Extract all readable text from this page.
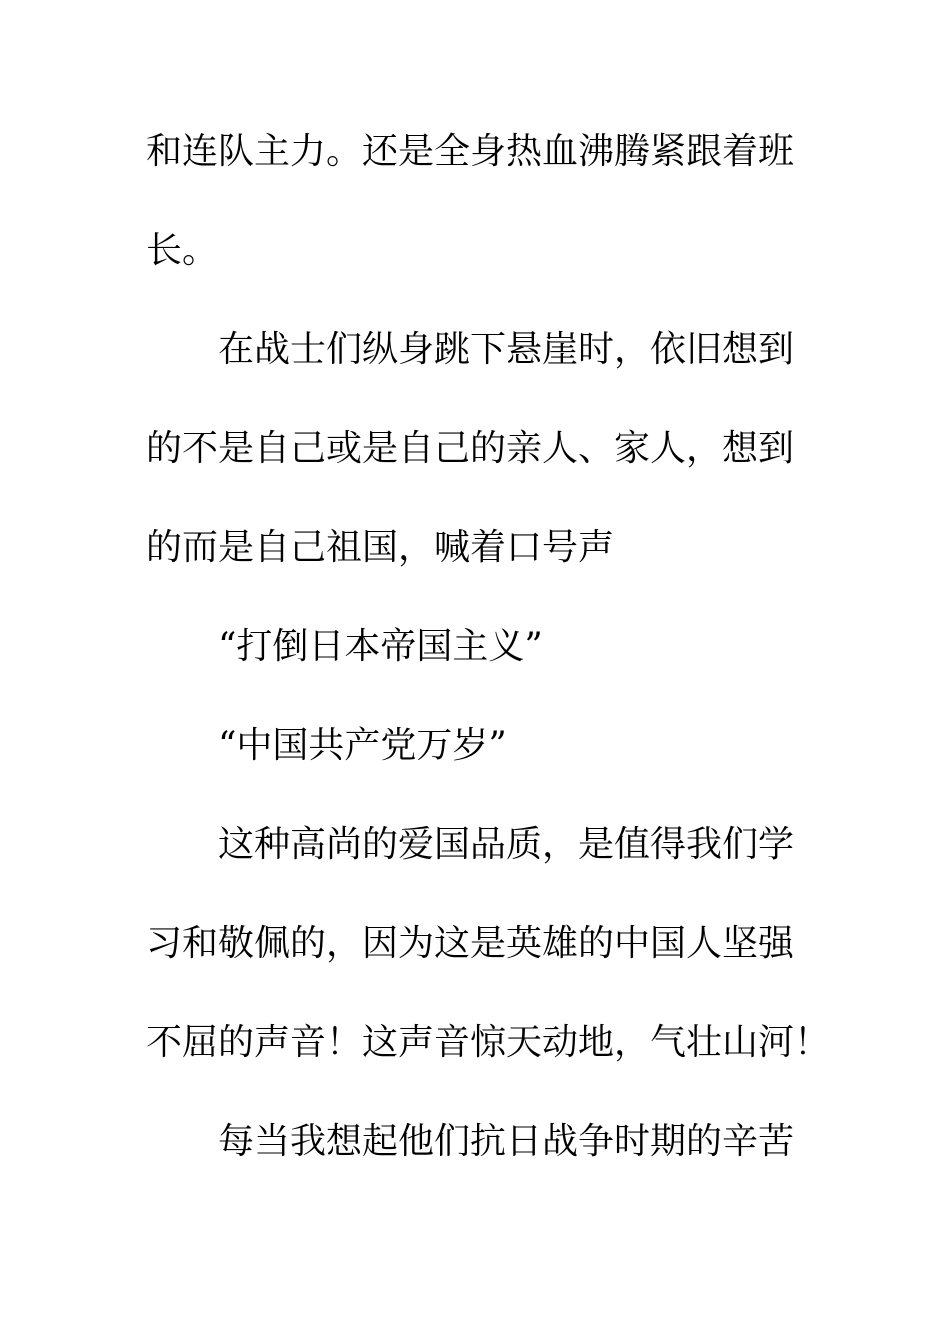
和连队主力。还是全身热血沸腾紧跟着班
长。
在战士们纵身跳下悬崖时，依旧想到
的不是自己或是自己的亲人、家人，想到
的而是自己祖国，喊着口号声
“打倒日本帝国主义”
“中国共产党万岁”
这种高尚的爱国品质，是值得我们学
习和敬佩的，因为这是英雄的中国人坚强
不屈的声音！这声音惊天动地，气壮山河！
每当我想起他们抗日战争时期的辛苦
